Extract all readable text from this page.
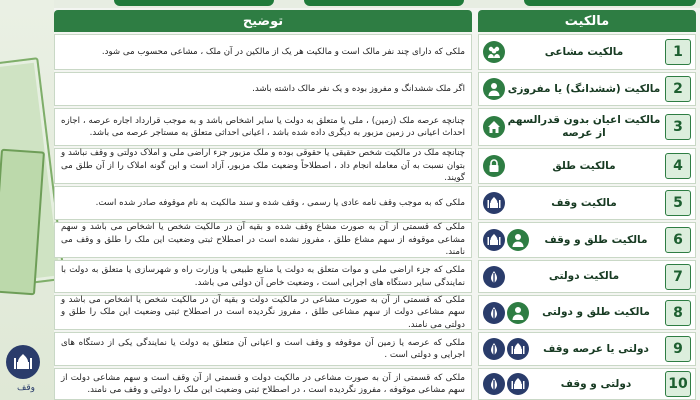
وقف
مالکیت
توضیح
1
مالکیت مشاعی
ملکی که دارای چند نفر مالک است و مالکیت هر یک از مالکین در آن ملک ، مشاعی محسوب می شود.
2
مالکیت (ششدانگ) یا مفروزی
اگر ملک ششدانگ و مفروز بوده و یک نفر مالک داشته باشد.
3
مالکیت اعیان بدون قدرالسهم از عرصه
چنانچه عرصه ملک (زمین) ، ملی یا متعلق به دولت یا سایر اشخاص باشد و به موجب قرارداد اجاره عرصه ، اجازه احداث اعیانی در زمین مزبور به دیگری داده شده باشد ، اعیانی احداثی متعلق به مستاجر عرصه می باشد.
4
مالکیت طلق
چنانچه ملک در مالکیت شخص حقیقی یا حقوقی بوده و ملک مزبور جزء اراضی ملی و املاک دولتی و وقف نباشد و بتوان نسبت به آن معامله انجام داد ، اصطلاحاً وضعیت ملک مزبور، آزاد است و این گونه املاک را از آن طلق می گویند.
5
مالکیت وقف
ملکی که به موجب وقف نامه عادی یا رسمی ، وقف شده و سند مالکیت به نام موقوفه صادر شده است.
6
مالکیت طلق و وقف
ملکی که قسمتی از آن به صورت مشاع وقف شده و بقیه آن در مالکیت شخص یا اشخاص می باشد و سهم مشاعی موقوفه از سهم مشاع طلق ، مفروز نشده است در اصطلاح ثبتی وضعیت این ملک را طلق و وقف می نامند.
7
مالکیت دولتی
ملکی که جزء اراضی ملی و موات متعلق به دولت یا منابع طبیعی یا وزارت راه و شهرسازی یا متعلق به دولت با نمایندگی سایر دستگاه های اجرایی است ، وضعیت خاص آن دولتی می باشد.
8
مالکیت طلق و دولتی
ملکی که قسمتی از آن به صورت مشاعی در مالکیت دولت و بقیه آن در مالکیت شخص یا اشخاص می باشد و سهم مشاعی دولت از سهم مشاعی طلق ، مفروز نگردیده است در اصطلاح ثبتی وضعیت این ملک را طلق و دولتی می نامند.
9
دولتی یا عرصه وقف
ملکی که عرصه یا زمین آن موقوفه و وقف است و اعیانی آن متعلق به دولت یا نمایندگی یکی از دستگاه های اجرایی و دولتی است .
10
دولتی و وقف
ملکی که قسمتی از آن به صورت مشاعی در مالکیت دولت و قسمتی از آن وقف است و سهم مشاعی دولت از سهم مشاعی موقوفه ، مفروز نگردیده است ، در اصطلاح ثبتی وضعیت این ملک را دولتی و وقف می نامند.
